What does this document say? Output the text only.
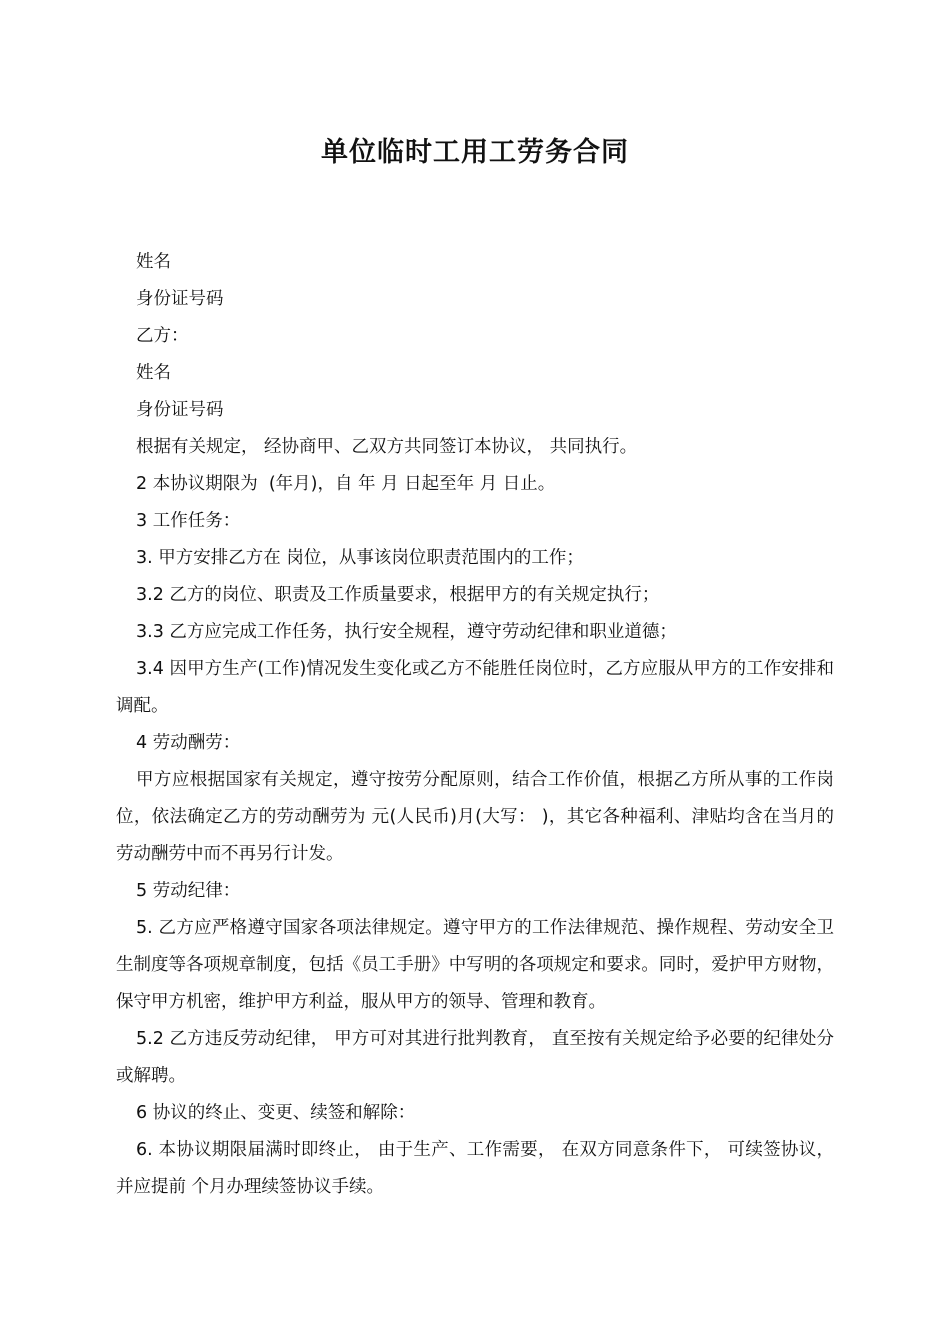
单位临时工用工劳务合同

姓名

身份证号码

乙方：

姓名

身份证号码

根据有关规定， 经协商甲、乙双方共同签订本协议， 共同执行。

2 本协议期限为  (年月)，自 年 月 日起至年 月 日止。

3 工作任务：

3. 甲方安排乙方在 岗位，从事该岗位职责范围内的工作；

3.2 乙方的岗位、职责及工作质量要求，根据甲方的有关规定执行；

3.3 乙方应完成工作任务，执行安全规程，遵守劳动纪律和职业道德；

3.4 因甲方生产(工作)情况发生变化或乙方不能胜任岗位时，乙方应服从甲方的工作安排和调配。

4 劳动酬劳：

甲方应根据国家有关规定，遵守按劳分配原则，结合工作价值，根据乙方所从事的工作岗位，依法确定乙方的劳动酬劳为 元(人民币)月(大写： )，其它各种福利、津贴均含在当月的劳动酬劳中而不再另行计发。

5 劳动纪律：

5. 乙方应严格遵守国家各项法律规定。遵守甲方的工作法律规范、操作规程、劳动安全卫生制度等各项规章制度，包括《员工手册》中写明的各项规定和要求。同时，爱护甲方财物，保守甲方机密，维护甲方利益，服从甲方的领导、管理和教育。

5.2 乙方违反劳动纪律， 甲方可对其进行批判教育， 直至按有关规定给予必要的纪律处分或解聘。

6 协议的终止、变更、续签和解除：

6. 本协议期限届满时即终止， 由于生产、工作需要， 在双方同意条件下， 可续签协议， 并应提前 个月办理续签协议手续。
